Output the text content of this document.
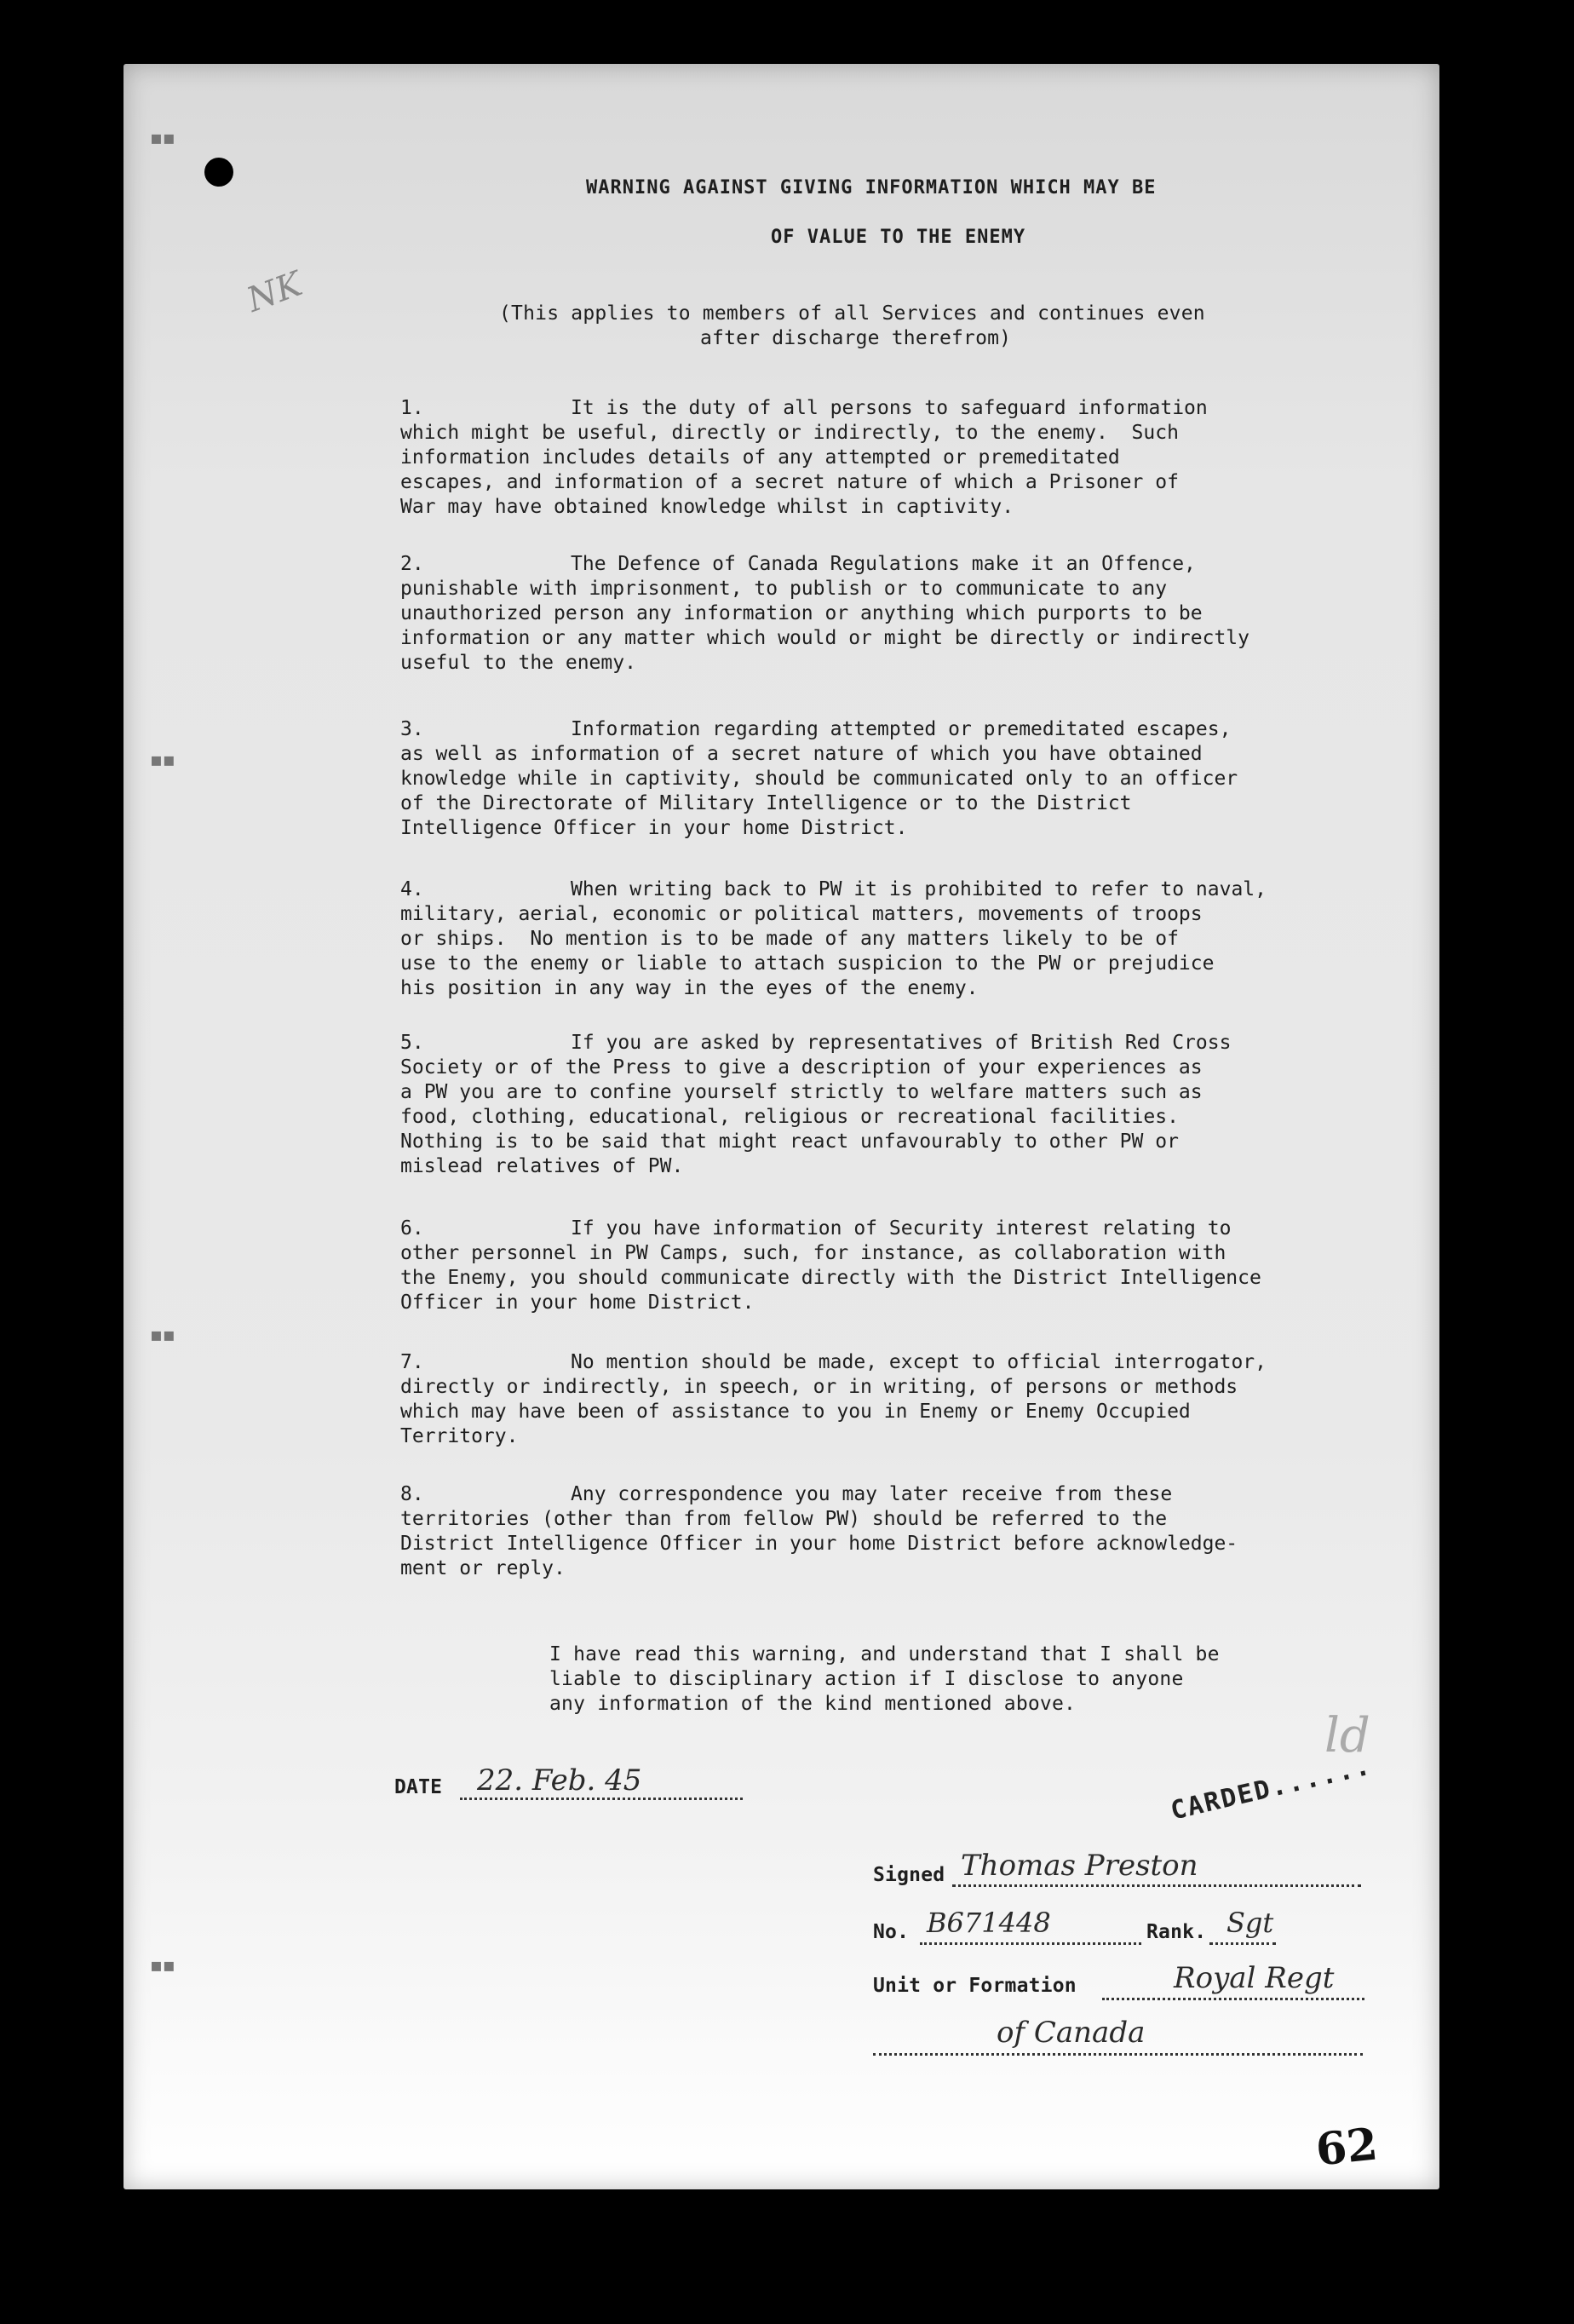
▪▪
▪▪
▪▪
▪▪
WARNING AGAINST GIVING INFORMATION WHICH MAY BE
OF VALUE TO THE ENEMY
(This applies to members of all Services and continues even
after discharge therefrom)
NK
1.	It is the duty of all persons to safeguard information
which might be useful, directly or indirectly, to the enemy.  Such
information includes details of any attempted or premeditated
escapes, and information of a secret nature of which a Prisoner of
War may have obtained knowledge whilst in captivity.
2.	The Defence of Canada Regulations make it an Offence,
punishable with imprisonment, to publish or to communicate to any
unauthorized person any information or anything which purports to be
information or any matter which would or might be directly or indirectly
useful to the enemy.
3.	Information regarding attempted or premeditated escapes,
as well as information of a secret nature of which you have obtained
knowledge while in captivity, should be communicated only to an officer
of the Directorate of Military Intelligence or to the District
Intelligence Officer in your home District.
4.	When writing back to PW it is prohibited to refer to naval,
military, aerial, economic or political matters, movements of troops
or ships.  No mention is to be made of any matters likely to be of
use to the enemy or liable to attach suspicion to the PW or prejudice
his position in any way in the eyes of the enemy.
5.	If you are asked by representatives of British Red Cross
Society or of the Press to give a description of your experiences as
a PW you are to confine yourself strictly to welfare matters such as
food, clothing, educational, religious or recreational facilities.
Nothing is to be said that might react unfavourably to other PW or
mislead relatives of PW.
6.	If you have information of Security interest relating to
other personnel in PW Camps, such, for instance, as collaboration with
the Enemy, you should communicate directly with the District Intelligence
Officer in your home District.
7.	No mention should be made, except to official interrogator,
directly or indirectly, in speech, or in writing, of persons or methods
which may have been of assistance to you in Enemy or Enemy Occupied
Territory.
8.	Any correspondence you may later receive from these
territories (other than from fellow PW) should be referred to the
District Intelligence Officer in your home District before acknowledge-
ment or reply.
I have read this warning, and understand that I shall be
liable to disciplinary action if I disclose to anyone
any information of the kind mentioned above.
DATE 22. Feb. 45	CARDED......
ld
Signed Thomas Preston
No. B671448	Rank. Sgt
Unit or Formation	Royal Regt
of Canada
62
